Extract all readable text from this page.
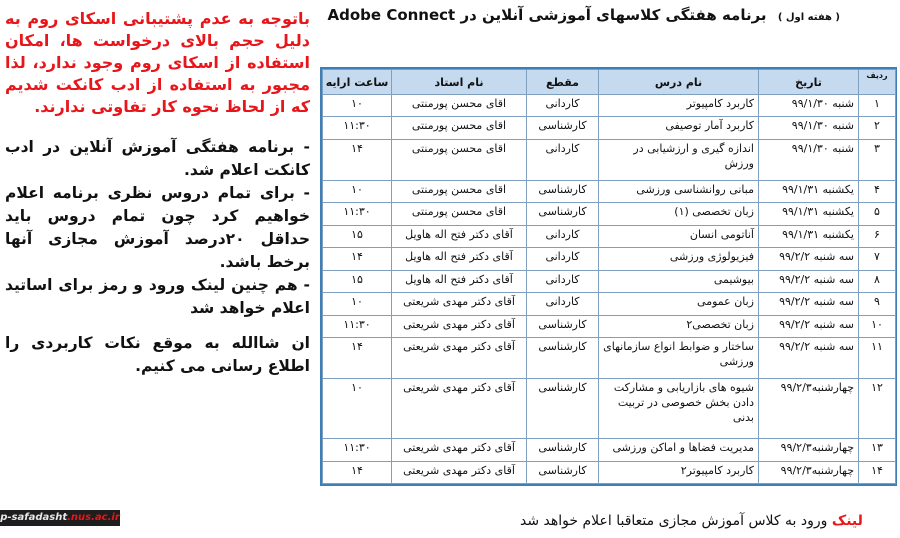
( هفته اول ) برنامه هفتگی کلاسهای آموزشی آنلاین در Adobe Connect
ردیف	تاریخ	نام درس	مقطع	نام استاد	ساعت ارایه
۱	شنبه ۹۹/۱/۳۰	کاربرد کامپیوتر	کاردانی	اقای محسن پورمنتی	۱۰
۲	شنبه ۹۹/۱/۳۰	کاربرد آمار توصیفی	کارشناسی	اقای محسن پورمنتی	۱۱:۳۰
۳	شنبه ۹۹/۱/۳۰	اندازه گیری و ارزشیابی در ورزش	کاردانی	اقای محسن پورمنتی	۱۴
۴	یکشنبه ۹۹/۱/۳۱	مبانی روانشناسی ورزشی	کارشناسی	اقای محسن پورمنتی	۱۰
۵	یکشنبه ۹۹/۱/۳۱	زبان تخصصی (۱)	کارشناسی	اقای محسن پورمنتی	۱۱:۳۰
۶	یکشنبه ۹۹/۱/۳۱	آناتومی انسان	کاردانی	آقای دکتر فتح اله هاویل	۱۵
۷	سه شنبه ۹۹/۲/۲	فیزیولوژی ورزشی	کاردانی	آقای دکتر فتح اله هاویل	۱۴
۸	سه شنبه ۹۹/۲/۲	بیوشیمی	کاردانی	آقای دکتر فتح اله هاویل	۱۵
۹	سه شنبه ۹۹/۲/۲	زبان عمومی	کاردانی	آقای دکتر مهدی شریعتی	۱۰
۱۰	سه شنبه ۹۹/۲/۲	زبان تخصصی۲	کارشناسی	آقای دکتر مهدی شریعتی	۱۱:۳۰
۱۱	سه شنبه ۹۹/۲/۲	ساختار و ضوابط انواع سازمانهای ورزشی	کارشناسی	آقای دکتر مهدی شریعتی	۱۴
۱۲	چهارشنبه۹۹/۲/۳	شیوه های بازاریابی و مشارکت دادن بخش خصوصی در تربیت بدنی	کارشناسی	آقای دکتر مهدی شریعتی	۱۰
۱۳	چهارشنبه۹۹/۲/۳	مدیریت فضاها و اماکن ورزشی	کارشناسی	آقای دکتر مهدی شریعتی	۱۱:۳۰
۱۴	چهارشنبه۹۹/۲/۳	کاربرد کامپیوتر۲	کارشناسی	آقای دکتر مهدی شریعتی	۱۴
باتوجه به عدم پشتیبانی اسکای روم به دلیل حجم بالای درخواست ها، امکان استفاده از اسکای روم وجود ندارد، لذا مجبور به استفاده از ادب کانکت شدیم که از لحاظ نحوه کار تفاوتی ندارند.

- برنامه هفتگی آموزش آنلاین در ادب کانکت اعلام شد.

- برای تمام دروس نظری برنامه اعلام خواهیم کرد چون تمام دروس باید حداقل ۲۰درصد آموزش مجازی آنها برخط باشد.

- هم چنین لینک ورود و رمز برای اساتید اعلام خواهد شد

ان شاالله به موقع نکات کاربردی را اطلاع رسانی می کنیم.

لینک ورود به کلاس آموزش مجازی متعاقبا اعلام خواهد شد
p-safadasht.nus.ac.ir
